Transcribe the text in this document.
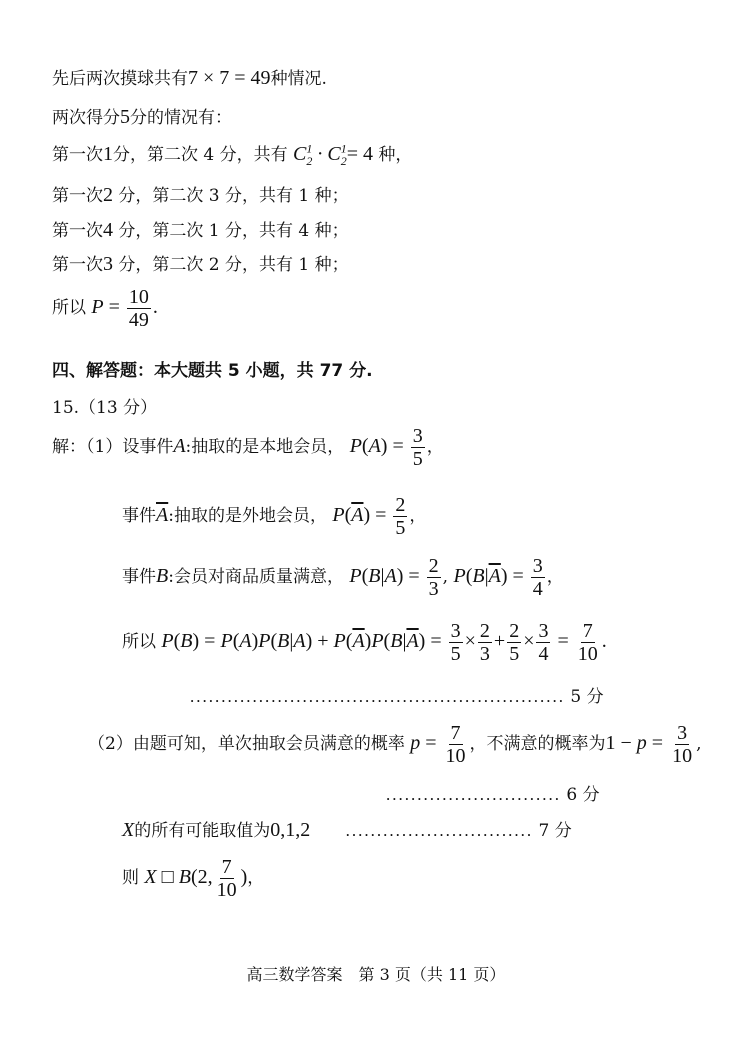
先后两次摸球共有7 × 7 = 49种情况.
两次得分5分的情况有：
第一次1分，第二次 4 分，共有 $C^1_2 \cdot C^1_2= 4$ 种，
第一次2 分，第二次 3 分，共有 1 种；
第一次4 分，第二次 1 分，共有 4 种；
第一次3 分，第二次 2 分，共有 1 种；
所以 $P = \frac{10}{49}$ .
四、解答题：本大题共 5 小题，共 77 分.
15.（13 分）
解：（1）设事件A:抽取的是本地会员， $P(A) = \frac{3}{5}$ ，
事件$\overline{A}$:抽取的是外地会员， $P(\overline{A}) = \frac{2}{5}$ ，
事件B:会员对商品质量满意， $P(B|A) = \frac{2}{3}$ , $P(B|\overline{A}) = \frac{3}{4}$ ，
所以 $P(B) = P(A)P(B|A) + P(\overline{A})P(B|\overline{A}) = \frac{3}{5} \times \frac{2}{3} + \frac{2}{5} \times \frac{3}{4} = \frac{7}{10}$ .
............................................................ 5 分
（2）由题可知，单次抽取会员满意的概率 $p = \frac{7}{10}$ ，不满意的概率为$1 - p = \frac{3}{10}$ ,
............................ 6 分
X的所有可能取值为0,1,2 .............................. 7 分
则 X □ B(2, $\frac{7}{10}$ )，
高三数学答案　第 3 页（共 11 页）
